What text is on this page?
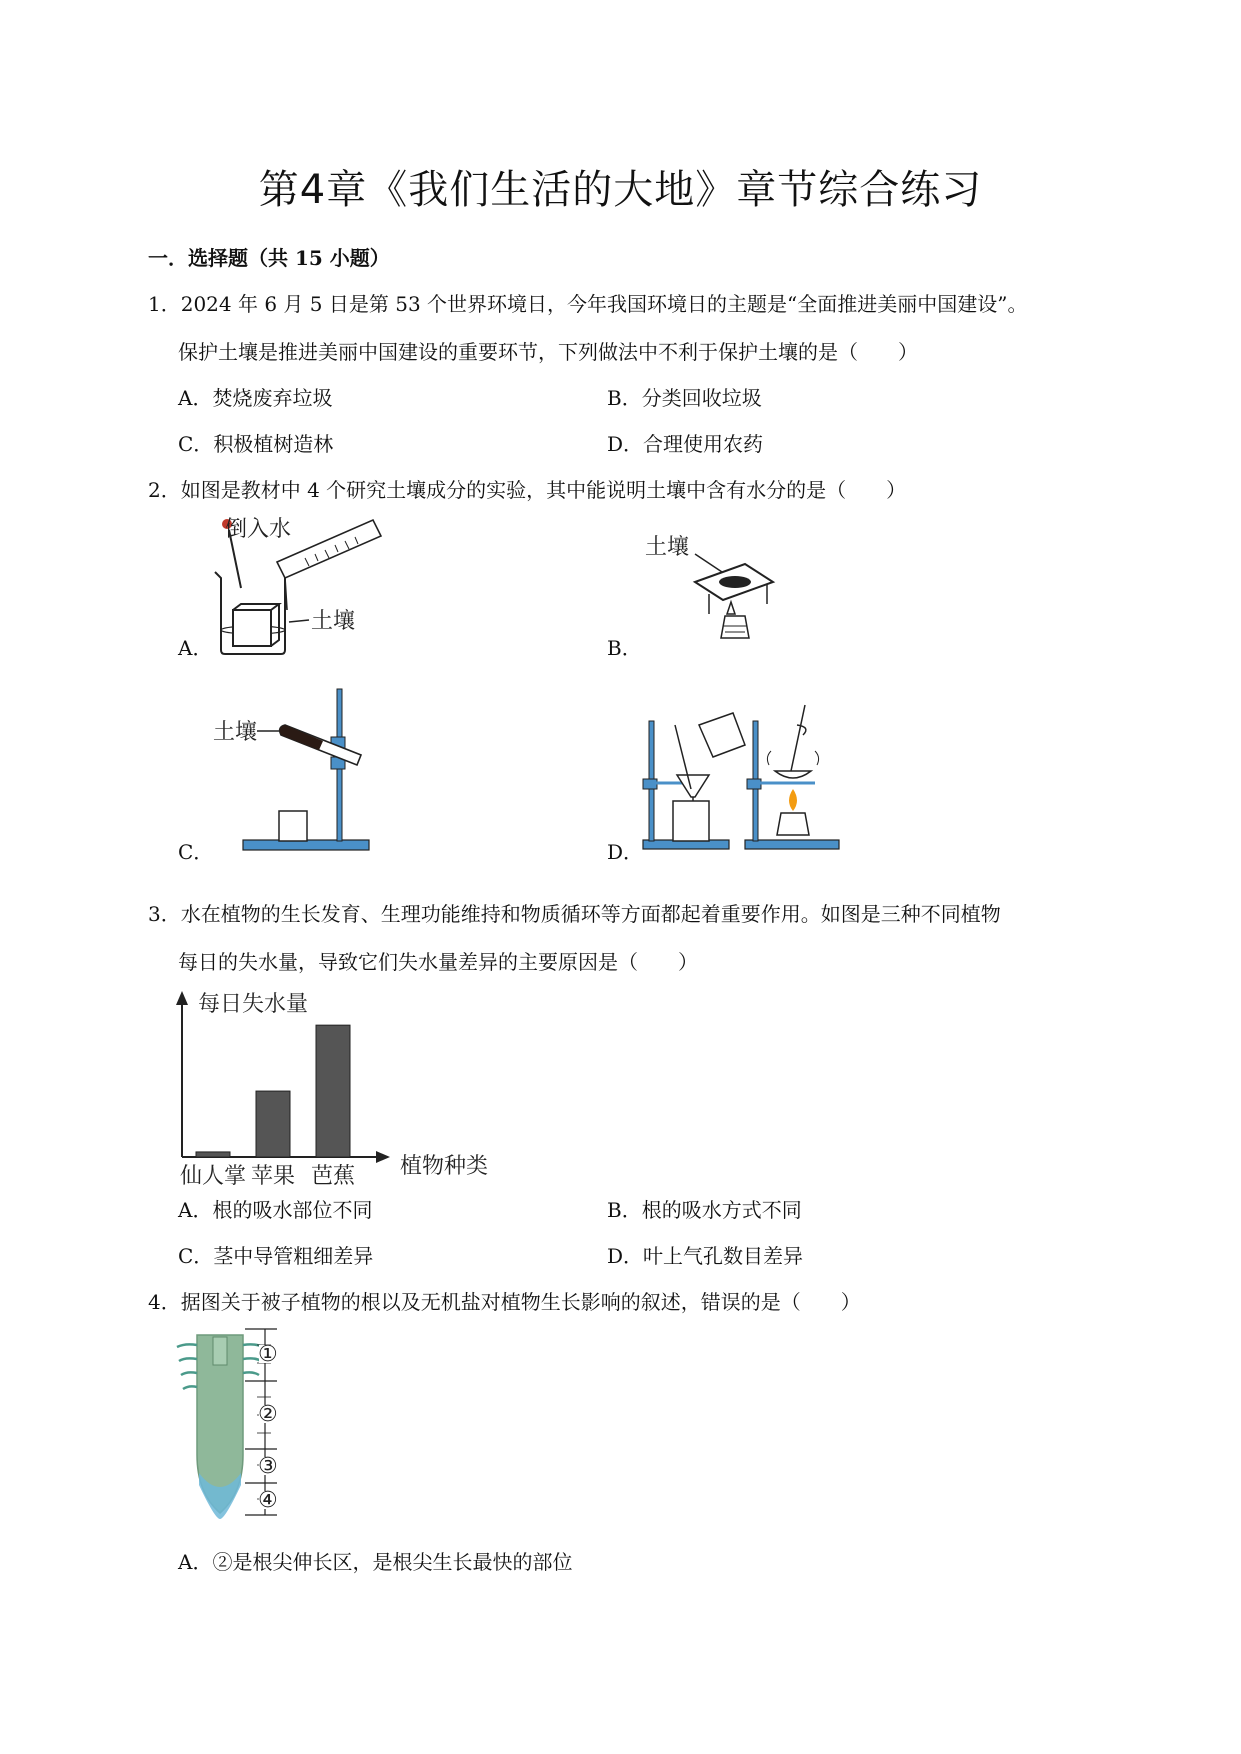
第4章《我们生活的大地》章节综合练习
一．选择题（共 15 小题）
1．2024 年 6 月 5 日是第 53 个世界环境日，今年我国环境日的主题是“全面推进美丽中国建设”。
保护土壤是推进美丽中国建设的重要环节，下列做法中不利于保护土壤的是（　　）
A．焚烧废弃垃圾	B．分类回收垃圾
C．积极植树造林	D．合理使用农药
2．如图是教材中 4 个研究土壤成分的实验，其中能说明土壤中含有水分的是（　　）
A．
倒入水
土壤
B．
土壤
C．
土壤
D．
3．水在植物的生长发育、生理功能维持和物质循环等方面都起着重要作用。如图是三种不同植物
每日的失水量，导致它们失水量差异的主要原因是（　　）
每日失水量
植物种类
仙人掌 苹果 芭蕉
A．根的吸水部位不同	B．根的吸水方式不同
C．茎中导管粗细差异	D．叶上气孔数目差异
4．据图关于被子植物的根以及无机盐对植物生长影响的叙述，错误的是（　　）
①
②
③
④
A．②是根尖伸长区，是根尖生长最快的部位
